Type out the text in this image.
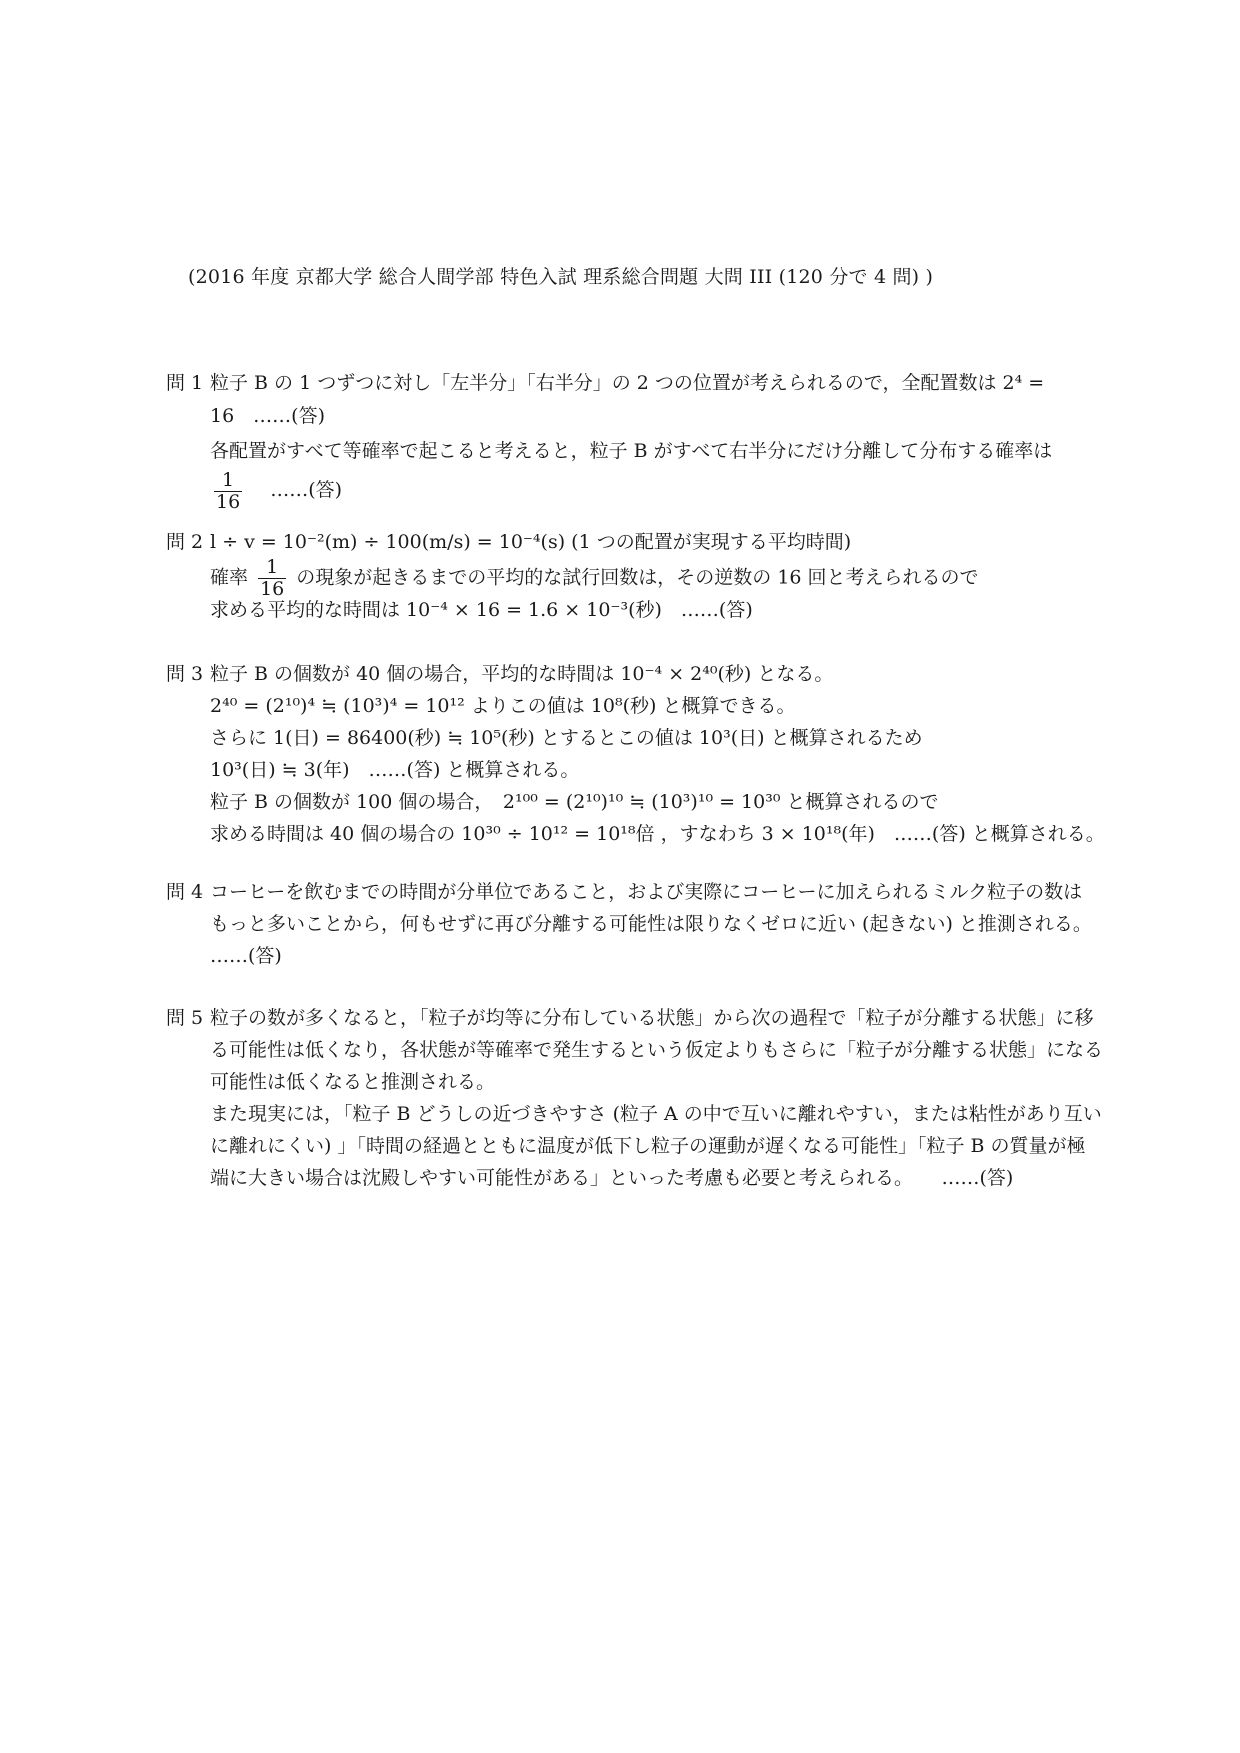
(2016 年度 京都大学 総合人間学部 特色入試 理系総合問題 大問 III (120 分で 4 問) )
問 1 粒子 B の 1 つずつに対し「左半分」「右半分」の 2 つの位置が考えられるので，全配置数は 2⁴ =
16　……(答)
各配置がすべて等確率で起こると考えると，粒子 B がすべて右半分にだけ分離して分布する確率は
$\frac{1}{16}$ ……(答)
問 2 l ÷ v = 10⁻²(m) ÷ 100(m/s) = 10⁻⁴(s) (1 つの配置が実現する平均時間)
確率 $\frac{1}{16}$ の現象が起きるまでの平均的な試行回数は，その逆数の 16 回と考えられるので
求める平均的な時間は 10⁻⁴ × 16 = 1.6 × 10⁻³(秒)　……(答)
問 3 粒子 B の個数が 40 個の場合，平均的な時間は 10⁻⁴ × 2⁴⁰(秒) となる。
2⁴⁰ = (2¹⁰)⁴ ≒ (10³)⁴ = 10¹² よりこの値は 10⁸(秒) と概算できる。
さらに 1(日) = 86400(秒) ≒ 10⁵(秒) とするとこの値は 10³(日) と概算されるため
10³(日) ≒ 3(年)　……(答) と概算される。
粒子 B の個数が 100 個の場合，　2¹⁰⁰ = (2¹⁰)¹⁰ ≒ (10³)¹⁰ = 10³⁰ と概算されるので
求める時間は 40 個の場合の 10³⁰ ÷ 10¹² = 10¹⁸倍 ，すなわち 3 × 10¹⁸(年)　……(答) と概算される。
問 4 コーヒーを飲むまでの時間が分単位であること，および実際にコーヒーに加えられるミルク粒子の数は
もっと多いことから，何もせずに再び分離する可能性は限りなくゼロに近い (起きない) と推測される。
……(答)
問 5 粒子の数が多くなると，「粒子が均等に分布している状態」から次の過程で「粒子が分離する状態」に移
る可能性は低くなり，各状態が等確率で発生するという仮定よりもさらに「粒子が分離する状態」になる
可能性は低くなると推測される。
また現実には，「粒子 B どうしの近づきやすさ (粒子 A の中で互いに離れやすい，または粘性があり互い
に離れにくい) 」「時間の経過とともに温度が低下し粒子の運動が遅くなる可能性」「粒子 B の質量が極
端に大きい場合は沈殿しやすい可能性がある」といった考慮も必要と考えられる。　　……(答)
